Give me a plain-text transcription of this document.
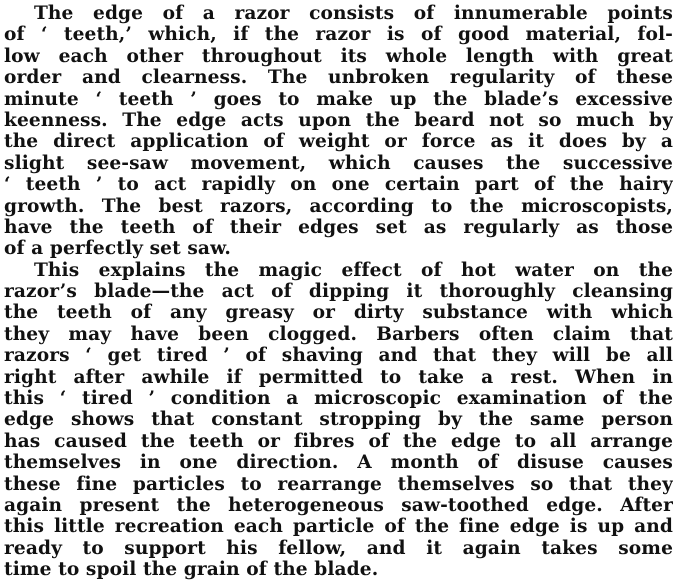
The edge of a razor consists of innumerable points
of ‘ teeth,’ which, if the razor is of good material, fol-
low each other throughout its whole length with great
order and clearness. The unbroken regularity of these
minute ‘ teeth ’ goes to make up the blade’s excessive
keenness. The edge acts upon the beard not so much by
the direct application of weight or force as it does by a
slight see-saw movement, which causes the successive
‘ teeth ’ to act rapidly on one certain part of the hairy
growth. The best razors, according to the microscopists,
have the teeth of their edges set as regularly as those
of a perfectly set saw.
This explains the magic effect of hot water on the
razor’s blade—the act of dipping it thoroughly cleansing
the teeth of any greasy or dirty substance with which
they may have been clogged. Barbers often claim that
razors ‘ get tired ’ of shaving and that they will be all
right after awhile if permitted to take a rest. When in
this ‘ tired ’ condition a microscopic examination of the
edge shows that constant stropping by the same person
has caused the teeth or fibres of the edge to all arrange
themselves in one direction. A month of disuse causes
these fine particles to rearrange themselves so that they
again present the heterogeneous saw-toothed edge. After
this little recreation each particle of the fine edge is up and
ready to support his fellow, and it again takes some
time to spoil the grain of the blade.
